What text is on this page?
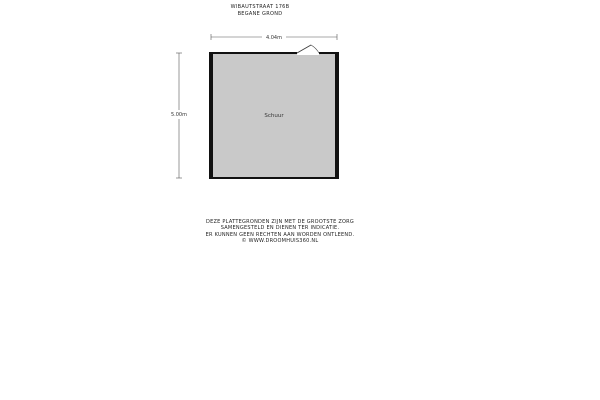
WIBAUTSTRAAT 176B
BEGANE GROND
4.04m
5.00m	Schuur
DEZE PLATTEGRONDEN ZIJN MET DE GROOTSTE ZORG
SAMENGESTELD EN DIENEN TER INDICATIE.
ER KUNNEN GEEN RECHTEN AAN WORDEN ONTLEEND.
© WWW.DROOMHUIS360.NL
